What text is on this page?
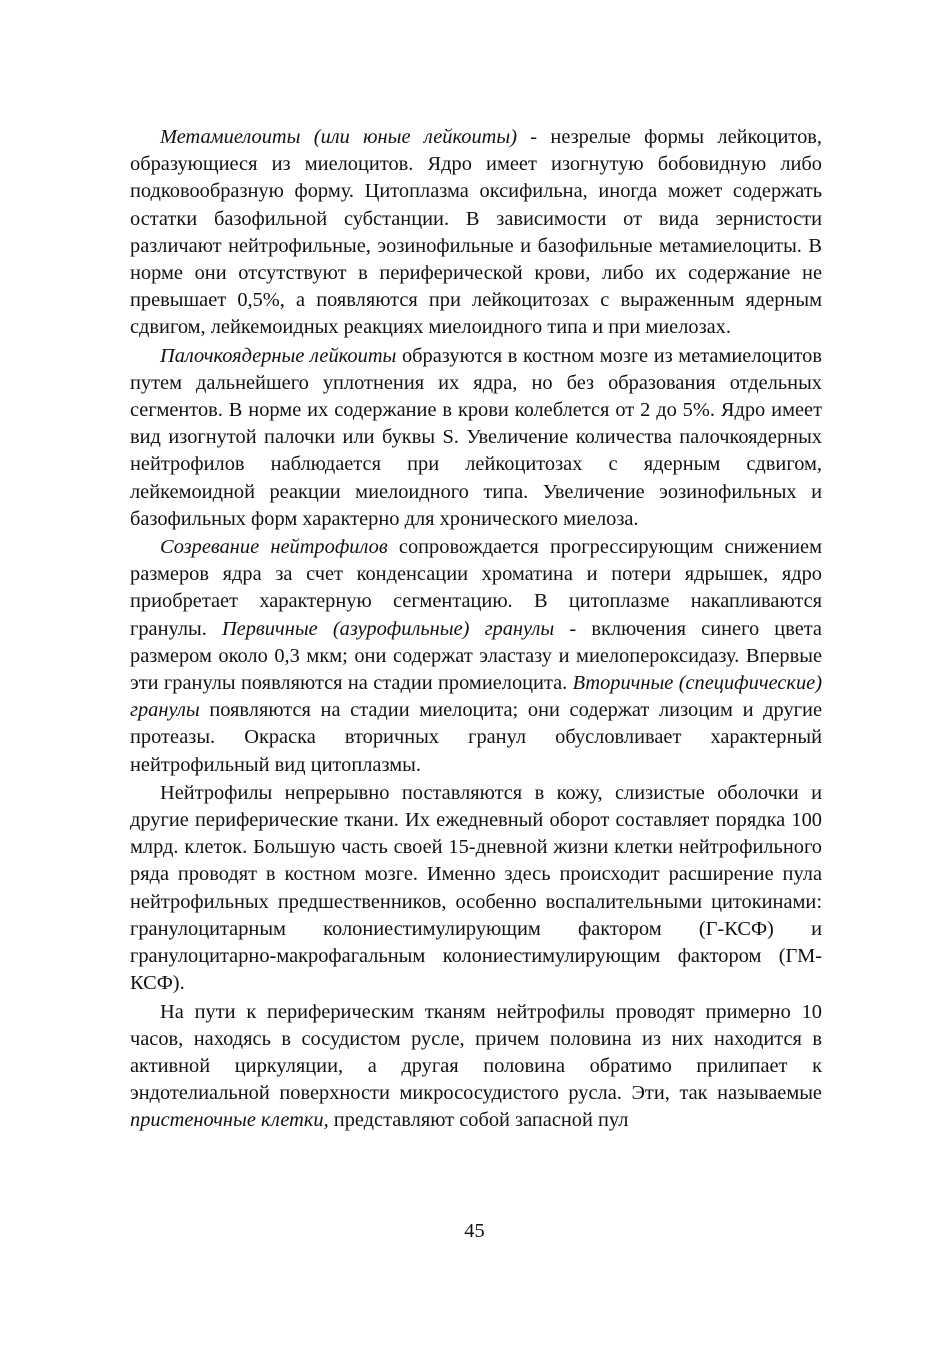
Метамиелоиты (или юные лейкоиты) - незрелые формы лейкоцитов, образующиеся из миелоцитов. Ядро имеет изогнутую бобовидную либо подковообразную форму. Цитоплазма оксифильна, иногда может содержать остатки базофильной субстанции. В зависимости от вида зернистости различают нейтрофильные, эозинофильные и базофильные метамиелоциты. В норме они отсутствуют в периферической крови, либо их содержание не превышает 0,5%, а появляются при лейкоцитозах с выраженным ядерным сдвигом, лейкемоидных реакциях миелоидного типа и при миелозах.

Палочкоядерные лейкоиты образуются в костном мозге из метамиелоцитов путем дальнейшего уплотнения их ядра, но без образования отдельных сегментов. В норме их содержание в крови колеблется от 2 до 5%. Ядро имеет вид изогнутой палочки или буквы S. Увеличение количества палочкоядерных нейтрофилов наблюдается при лейкоцитозах с ядерным сдвигом, лейкемоидной реакции миелоидного типа. Увеличение эозинофильных и базофильных форм характерно для хронического миелоза.

Созревание нейтрофилов сопровождается прогрессирующим снижением размеров ядра за счет конденсации хроматина и потери ядрышек, ядро приобретает характерную сегментацию. В цитоплазме накапливаются гранулы. Первичные (азурофильные) гранулы - включения синего цвета размером около 0,3 мкм; они содержат эластазу и миелопероксидазу. Впервые эти гранулы появляются на стадии промиелоцита. Вторичные (специфические) гранулы появляются на стадии миелоцита; они содержат лизоцим и другие протеазы. Окраска вторичных гранул обусловливает характерный нейтрофильный вид цитоплазмы.

Нейтрофилы непрерывно поставляются в кожу, слизистые оболочки и другие периферические ткани. Их ежедневный оборот составляет порядка 100 млрд. клеток. Большую часть своей 15-дневной жизни клетки нейтрофильного ряда проводят в костном мозге. Именно здесь происходит расширение пула нейтрофильных предшественников, особенно воспалительными цитокинами: гранулоцитарным колониестимулирующим фактором (Г-КСФ) и гранулоцитарно-макрофагальным колониестимулирующим фактором (ГМ-КСФ).

На пути к периферическим тканям нейтрофилы проводят примерно 10 часов, находясь в сосудистом русле, причем половина из них находится в активной циркуляции, а другая половина обратимо прилипает к эндотелиальной поверхности микрососудистого русла. Эти, так называемые пристеночные клетки, представляют собой запасной пул

45
